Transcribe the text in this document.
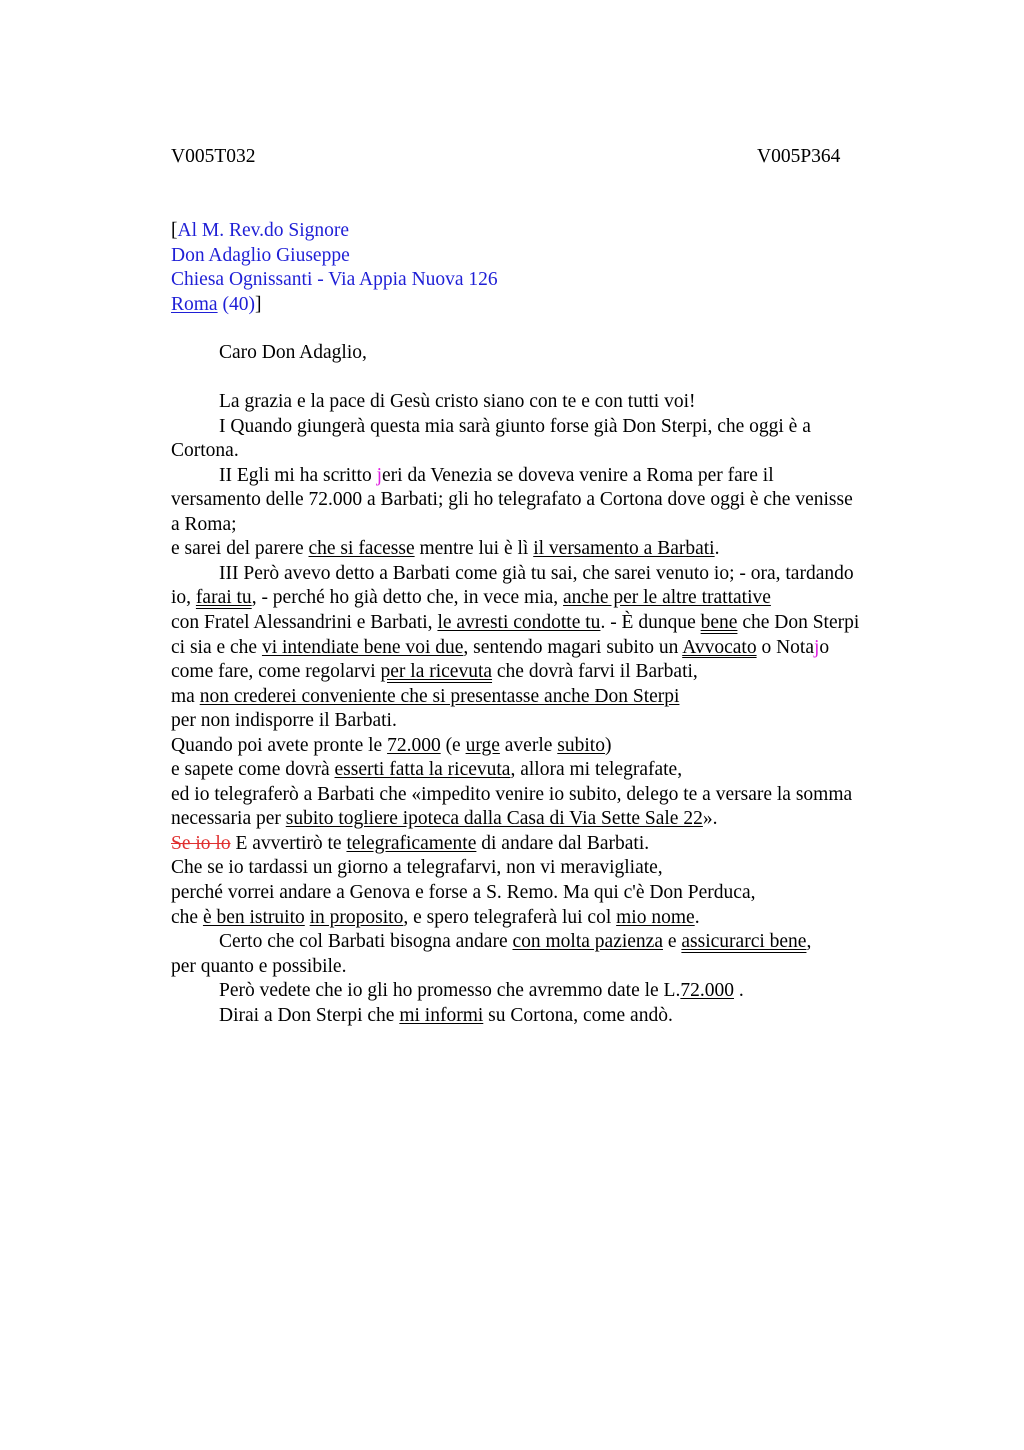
V005T032	V005P364
[Al M. Rev.do Signore
Don Adaglio Giuseppe
Chiesa Ognissanti - Via Appia Nuova 126
Roma (40)]
Caro Don Adaglio,
La grazia e la pace di Gesù cristo siano con te e con tutti voi!
I Quando giungerà questa mia sarà giunto forse già Don Sterpi, che oggi è a
Cortona.
II Egli mi ha scritto jeri da Venezia se doveva venire a Roma per fare il
versamento delle 72.000 a Barbati; gli ho telegrafato a Cortona dove oggi è che venisse
a Roma;
e sarei del parere che si facesse mentre lui è lì il versamento a Barbati.
III Però avevo detto a Barbati come già tu sai, che sarei venuto io; - ora, tardando
io, farai tu, - perché ho già detto che, in vece mia, anche per le altre trattative
con Fratel Alessandrini e Barbati, le avresti condotte tu. - È dunque bene che Don Sterpi
ci sia e che vi intendiate bene voi due, sentendo magari subito un Avvocato o Notajo
come fare, come regolarvi per la ricevuta che dovrà farvi il Barbati,
ma non crederei conveniente che si presentasse anche Don Sterpi
per non indisporre il Barbati.
Quando poi avete pronte le 72.000 (e urge averle subito)
e sapete come dovrà esserti fatta la ricevuta, allora mi telegrafate,
ed io telegraferò a Barbati che «impedito venire io subito, delego te a versare la somma
necessaria per subito togliere ipoteca dalla Casa di Via Sette Sale 22».
Se io lo E avvertirò te telegraficamente di andare dal Barbati.
Che se io tardassi un giorno a telegrafarvi, non vi meravigliate,
perché vorrei andare a Genova e forse a S. Remo. Ma qui c'è Don Perduca,
che è ben istruito in proposito, e spero telegraferà lui col mio nome.
Certo che col Barbati bisogna andare con molta pazienza e assicurarci bene,
per quanto e possibile.
Però vedete che io gli ho promesso che avremmo date le L.72.000 .
Dirai a Don Sterpi che mi informi su Cortona, come andò.
